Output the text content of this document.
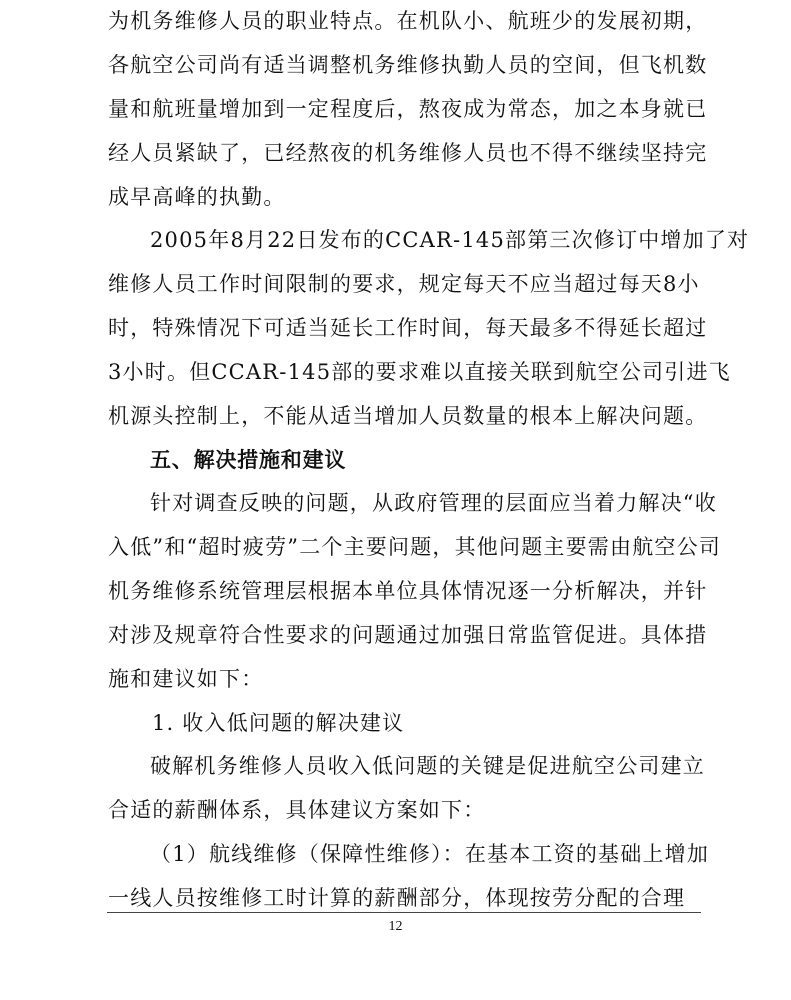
为机务维修人员的职业特点。在机队小、航班少的发展初期，
各航空公司尚有适当调整机务维修执勤人员的空间，但飞机数
量和航班量增加到一定程度后，熬夜成为常态，加之本身就已
经人员紧缺了，已经熬夜的机务维修人员也不得不继续坚持完
成早高峰的执勤。
2005年8月22日发布的CCAR-145部第三次修订中增加了对
维修人员工作时间限制的要求，规定每天不应当超过每天8小
时，特殊情况下可适当延长工作时间，每天最多不得延长超过
3小时。但CCAR-145部的要求难以直接关联到航空公司引进飞
机源头控制上，不能从适当增加人员数量的根本上解决问题。
五、解决措施和建议
针对调查反映的问题，从政府管理的层面应当着力解决“收
入低”和“超时疲劳”二个主要问题，其他问题主要需由航空公司
机务维修系统管理层根据本单位具体情况逐一分析解决，并针
对涉及规章符合性要求的问题通过加强日常监管促进。具体措
施和建议如下：
1. 收入低问题的解决建议
破解机务维修人员收入低问题的关键是促进航空公司建立
合适的薪酬体系，具体建议方案如下：
（1）航线维修（保障性维修）：在基本工资的基础上增加
一线人员按维修工时计算的薪酬部分，体现按劳分配的合理
12
